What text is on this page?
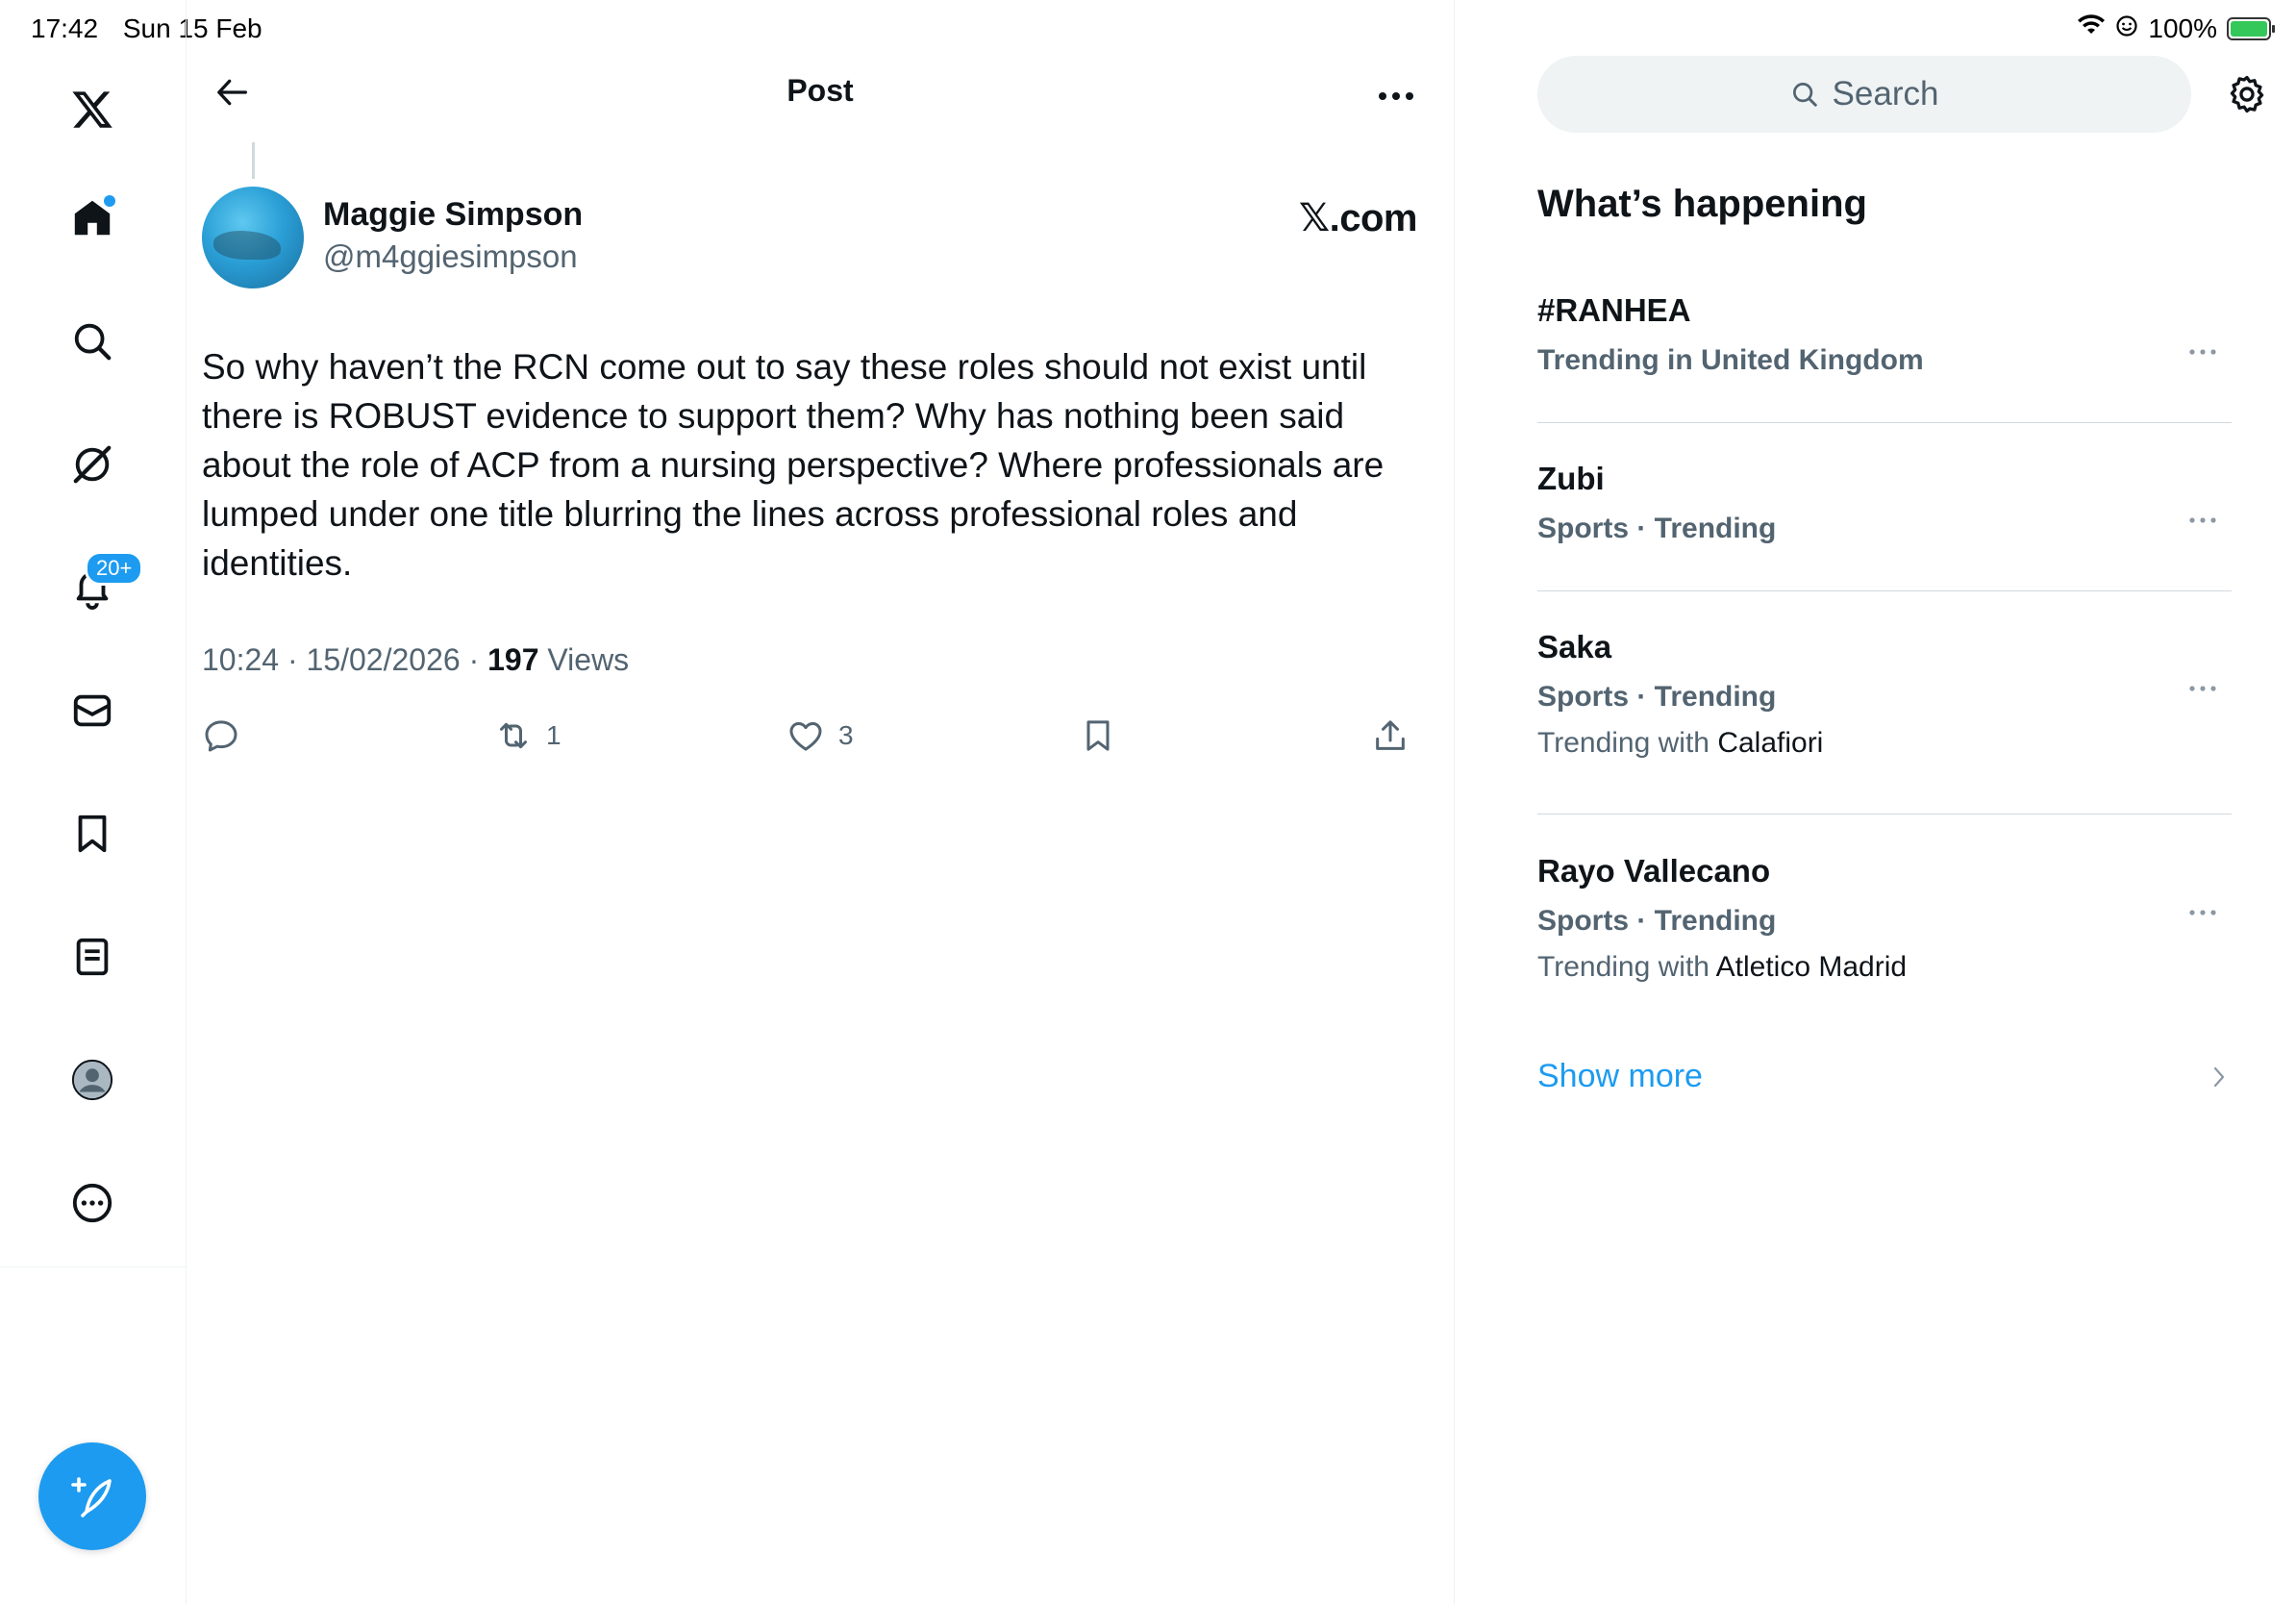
17:42 Sun 15 Feb	100%
20+
Post
Maggie Simpson
@m4ggiesimpson
𝕏.com
So why haven’t the RCN come out to say these roles should not exist until there is ROBUST evidence to support them? Why has nothing been said about the role of ACP from a nursing perspective? Where professionals are lumped under one title blurring the lines across professional roles and identities.
10:24 · 15/02/2026 · 197 Views
1	3
Search
What’s happening
#RANHEA
Trending in United Kingdom
Zubi
Sports · Trending
Saka
Sports · Trending
Trending with Calafiori
Rayo Vallecano
Sports · Trending
Trending with Atletico Madrid
Show more
